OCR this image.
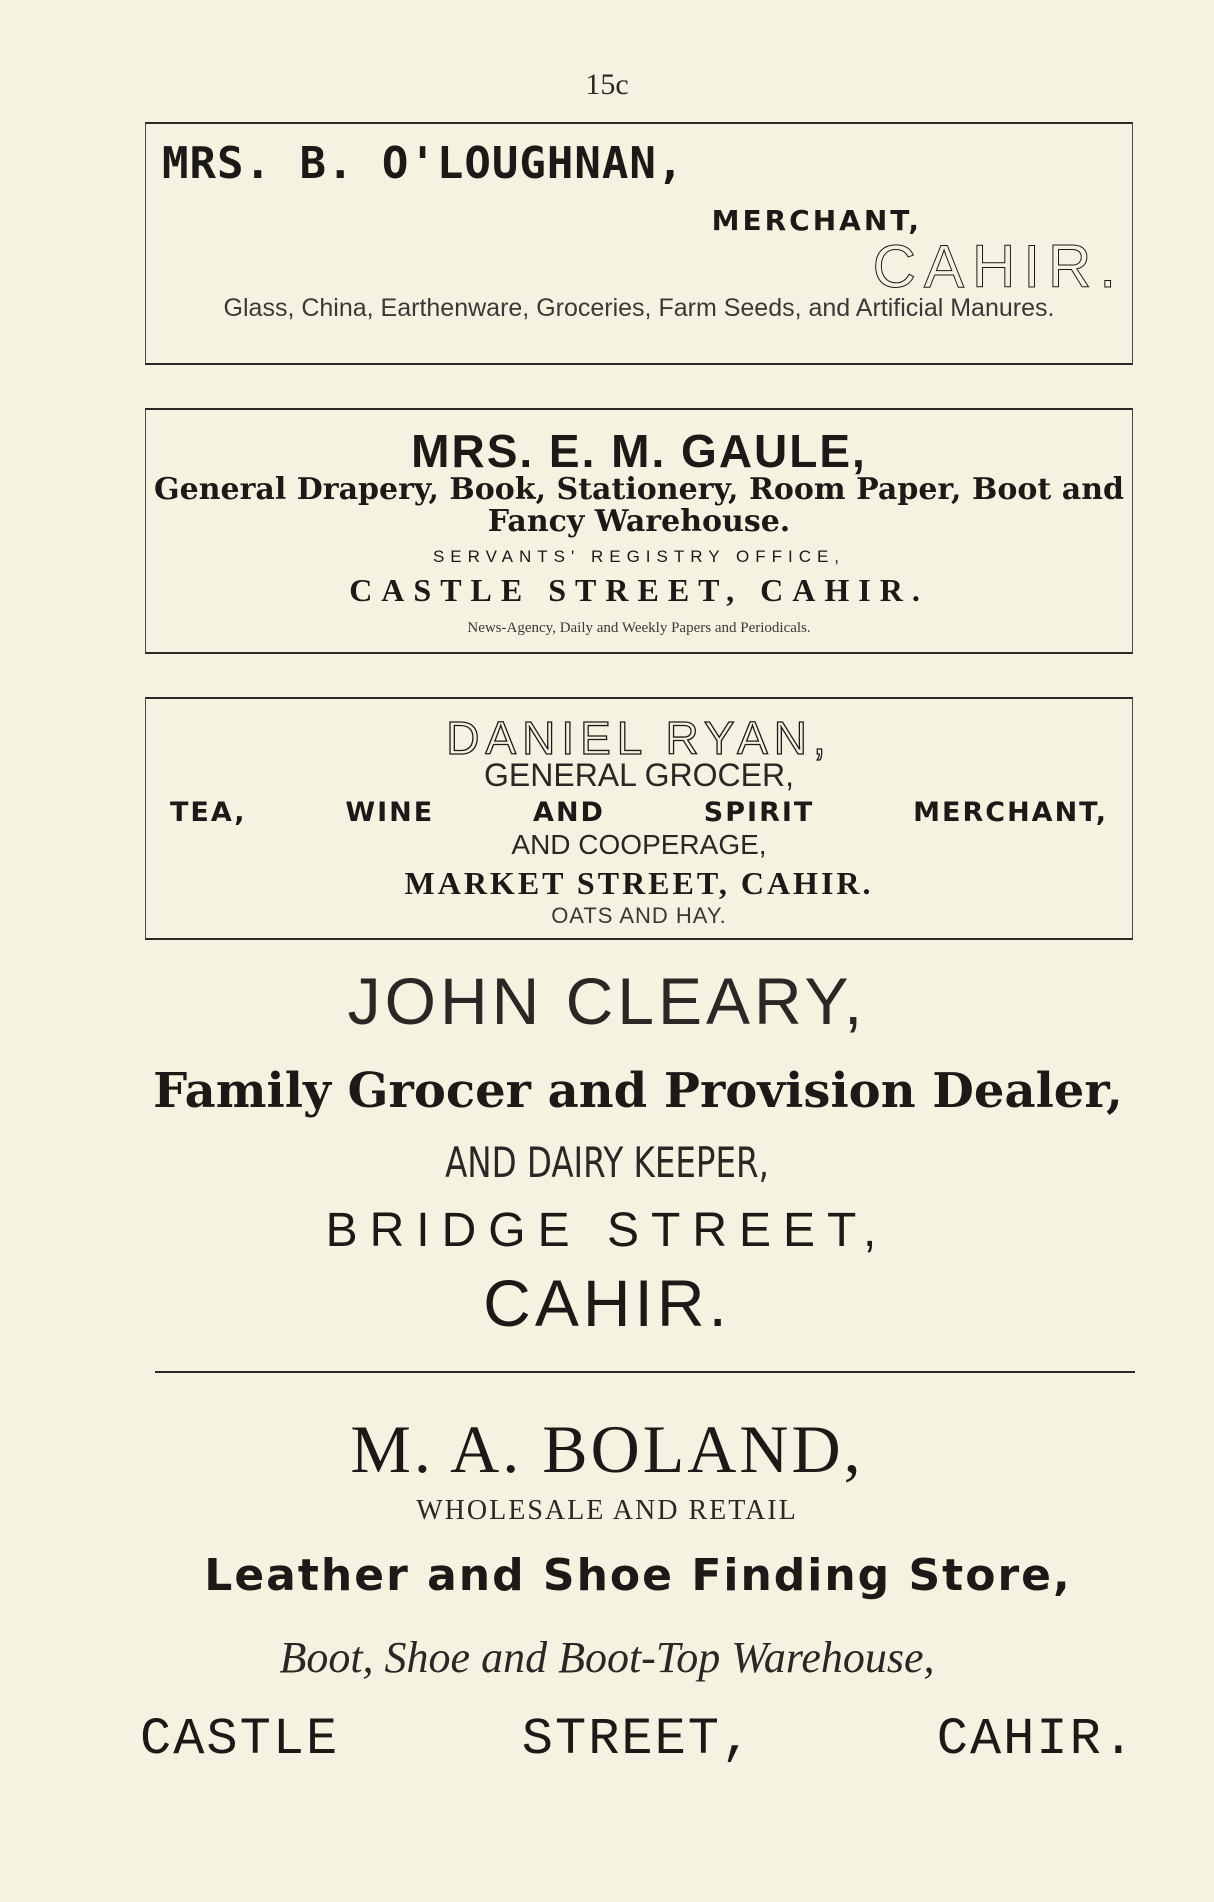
15c
MRS. B. O'LOUGHNAN,
MERCHANT,
CAHIR.
Glass, China, Earthenware, Groceries, Farm Seeds, and Artificial Manures.
MRS. E. M. GAULE,
General Drapery, Book, Stationery, Room Paper, Boot and Fancy Warehouse.
SERVANTS' REGISTRY OFFICE,
CASTLE STREET, CAHIR.
News-Agency, Daily and Weekly Papers and Periodicals.
DANIEL RYAN,
GENERAL GROCER,
TEA, WINE AND SPIRIT MERCHANT,
AND COOPERAGE,
MARKET STREET, CAHIR.
OATS AND HAY.
JOHN CLEARY,
Family Grocer and Provision Dealer,
AND DAIRY KEEPER,
BRIDGE STREET,
CAHIR.
M. A. BOLAND,
WHOLESALE AND RETAIL
Leather and Shoe Finding Store,
Boot, Shoe and Boot-Top Warehouse,
CASTLE STREET, CAHIR.
